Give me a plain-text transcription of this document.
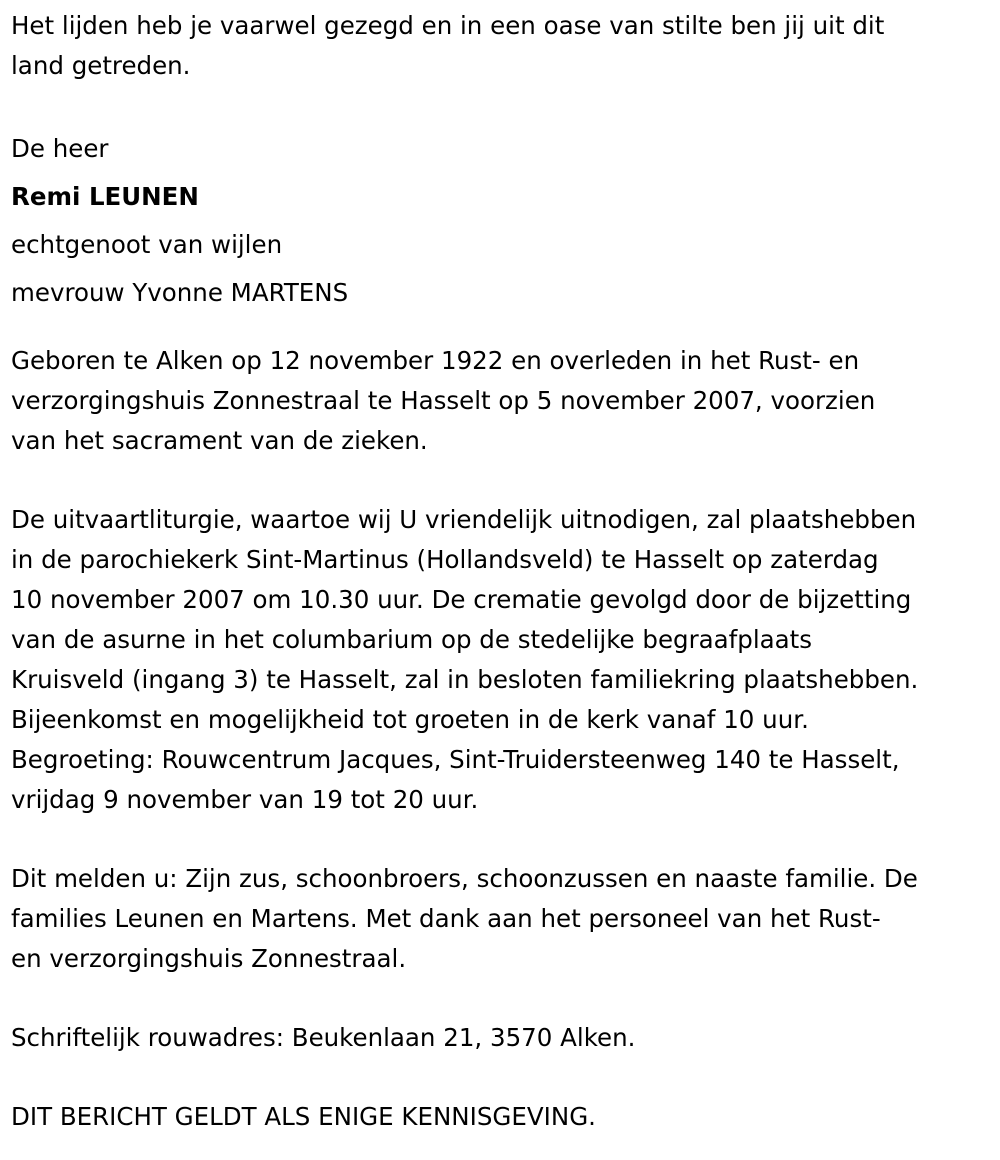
Het lijden heb je vaarwel gezegd en in een oase van stilte ben jij uit dit

land getreden.

De heer

Remi LEUNEN

echtgenoot van wijlen

mevrouw Yvonne MARTENS

Geboren te Alken op 12 november 1922 en overleden in het Rust- en

verzorgingshuis Zonnestraal te Hasselt op 5 november 2007, voorzien

van het sacrament van de zieken.

De uitvaartliturgie, waartoe wij U vriendelijk uitnodigen, zal plaatshebben

in de parochiekerk Sint-Martinus (Hollandsveld) te Hasselt op zaterdag

10 november 2007 om 10.30 uur. De crematie gevolgd door de bijzetting

van de asurne in het columbarium op de stedelijke begraafplaats

Kruisveld (ingang 3) te Hasselt, zal in besloten familiekring plaatshebben.

Bijeenkomst en mogelijkheid tot groeten in de kerk vanaf 10 uur.

Begroeting: Rouwcentrum Jacques, Sint-Truidersteenweg 140 te Hasselt,

vrijdag 9 november van 19 tot 20 uur.

Dit melden u: Zijn zus, schoonbroers, schoonzussen en naaste familie. De

families Leunen en Martens. Met dank aan het personeel van het Rust-

en verzorgingshuis Zonnestraal.

Schriftelijk rouwadres: Beukenlaan 21, 3570 Alken.

DIT BERICHT GELDT ALS ENIGE KENNISGEVING.
